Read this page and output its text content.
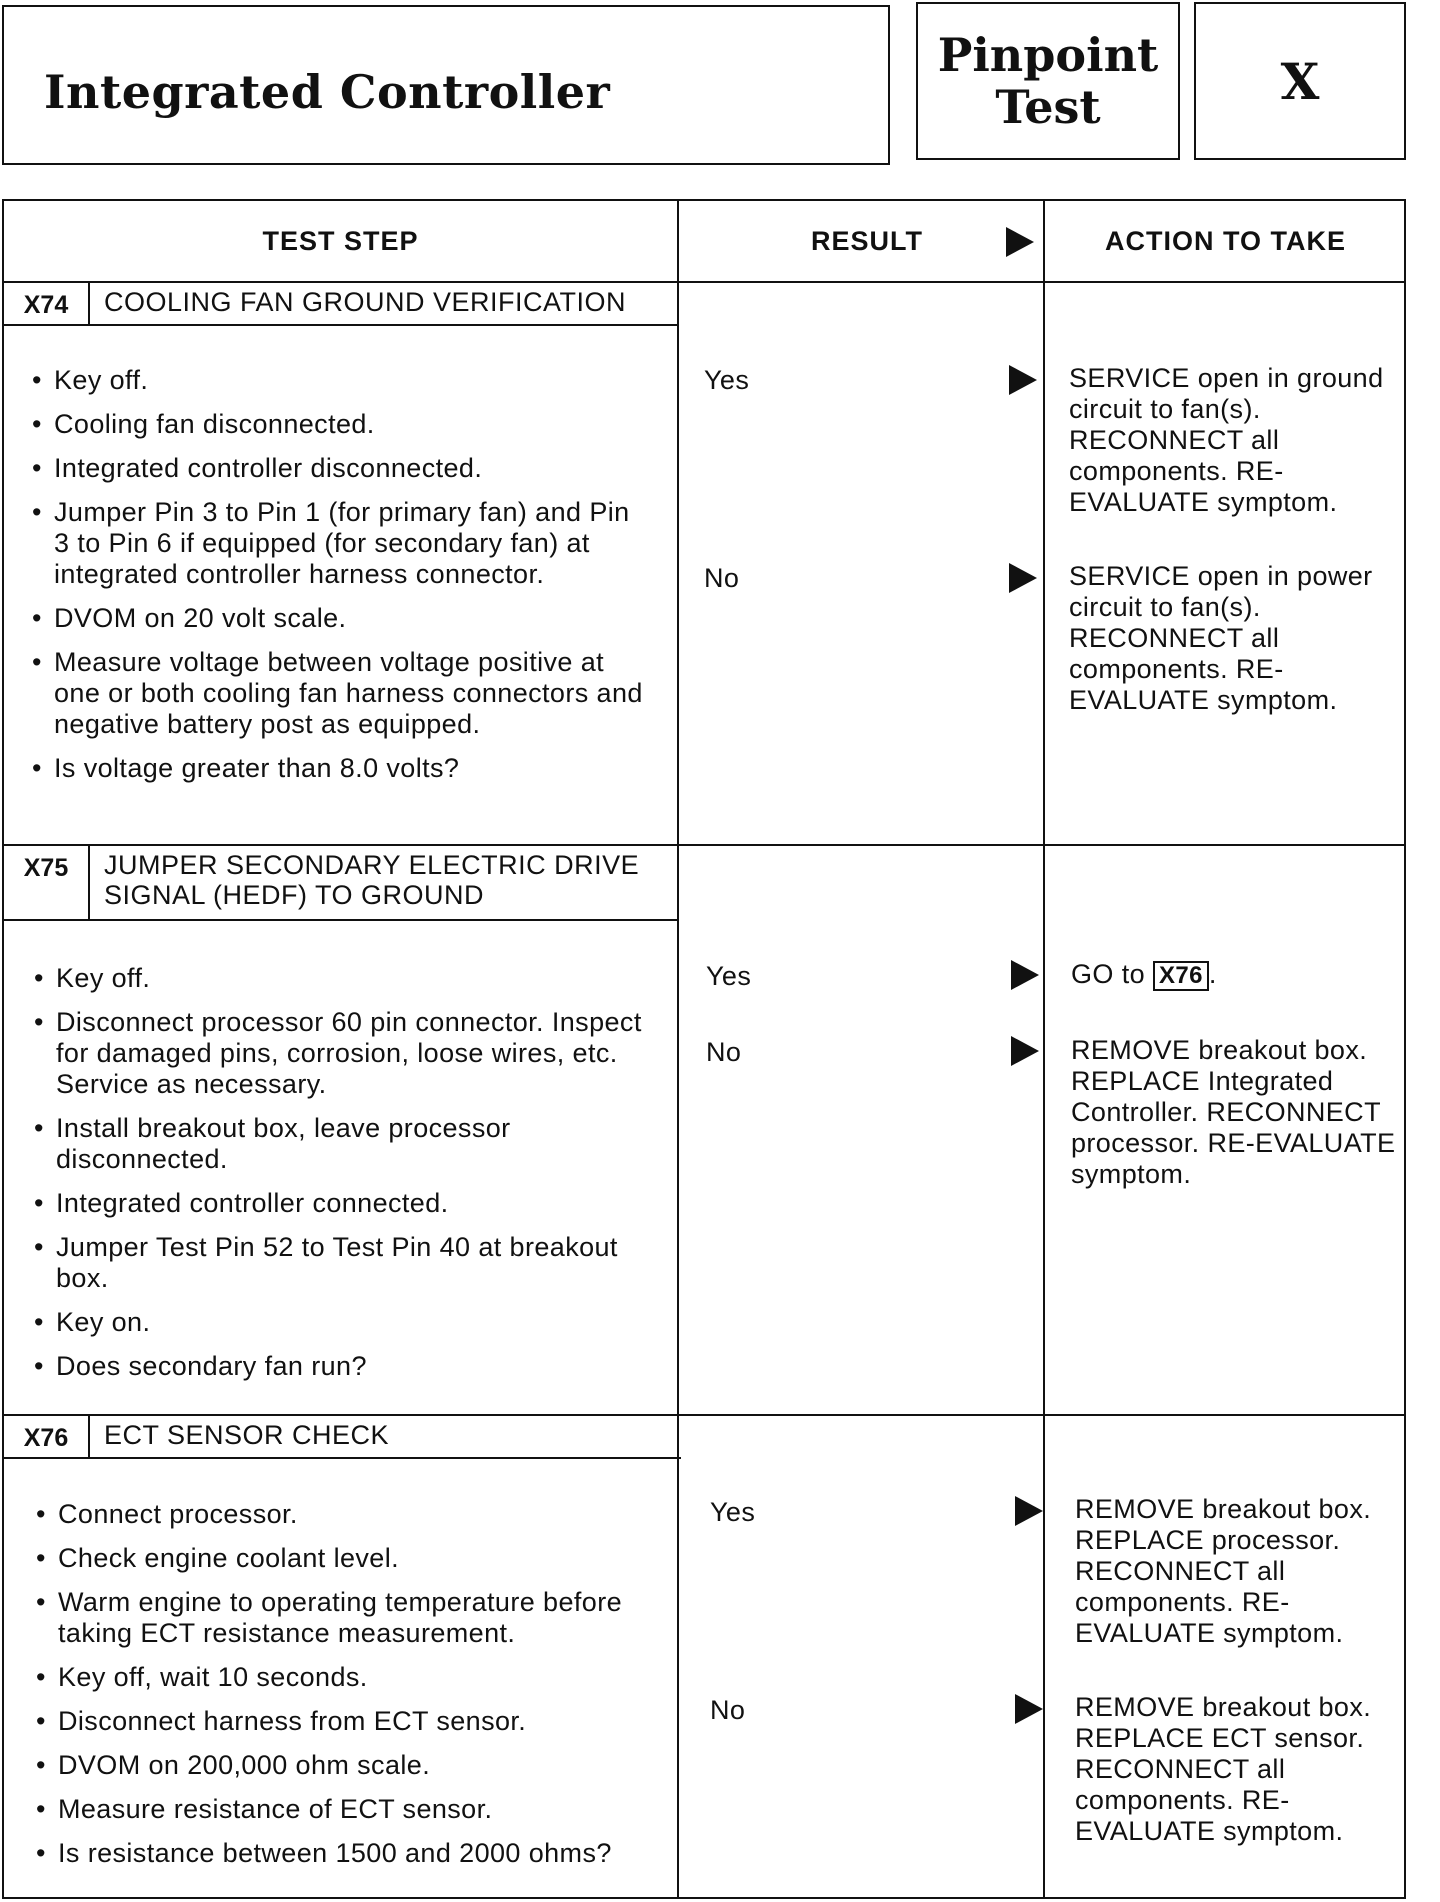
Integrated Controller
Pinpoint
Test	X
TEST STEP	RESULT	ACTION TO TAKE
X74	COOLING FAN GROUND VERIFICATION
• Key off.
• Cooling fan disconnected.
• Integrated controller disconnected.
• Jumper Pin 3 to Pin 1 (for primary fan) and Pin 3 to Pin 6 if equipped (for secondary fan) at integrated controller harness connector.
• DVOM on 20 volt scale.
• Measure voltage between voltage positive at one or both cooling fan harness connectors and negative battery post as equipped.
• Is voltage greater than 8.0 volts?
Yes	SERVICE open in ground circuit to fan(s). RECONNECT all components. RE-EVALUATE symptom.
No	SERVICE open in power circuit to fan(s). RECONNECT all components. RE-EVALUATE symptom.
X75	JUMPER SECONDARY ELECTRIC DRIVE SIGNAL (HEDF) TO GROUND
• Key off.
• Disconnect processor 60 pin connector. Inspect for damaged pins, corrosion, loose wires, etc. Service as necessary.
• Install breakout box, leave processor disconnected.
• Integrated controller connected.
• Jumper Test Pin 52 to Test Pin 40 at breakout box.
• Key on.
• Does secondary fan run?
Yes	GO to X76 .
No	REMOVE breakout box. REPLACE Integrated Controller. RECONNECT processor. RE-EVALUATE symptom.
X76	ECT SENSOR CHECK
• Connect processor.
• Check engine coolant level.
• Warm engine to operating temperature before taking ECT resistance measurement.
• Key off, wait 10 seconds.
• Disconnect harness from ECT sensor.
• DVOM on 200,000 ohm scale.
• Measure resistance of ECT sensor.
• Is resistance between 1500 and 2000 ohms?
Yes	REMOVE breakout box. REPLACE processor. RECONNECT all components. RE-EVALUATE symptom.
No	REMOVE breakout box. REPLACE ECT sensor. RECONNECT all components. RE-EVALUATE symptom.
